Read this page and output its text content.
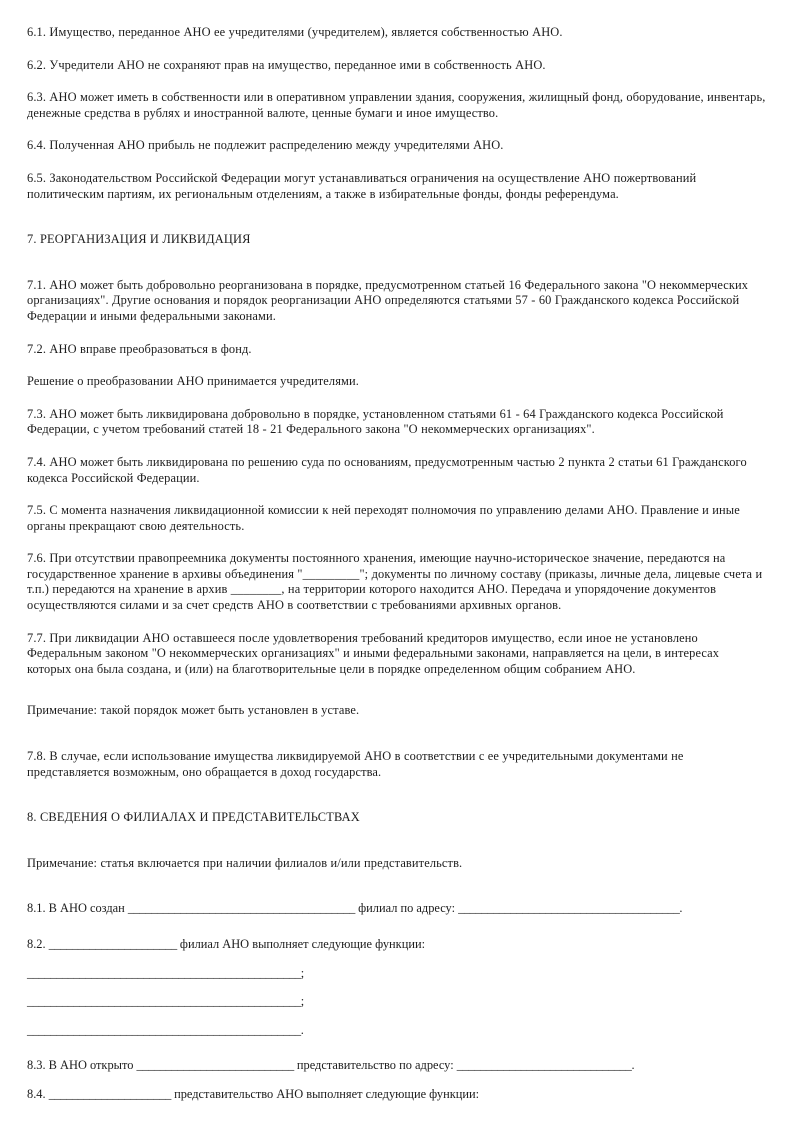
6.1. Имущество, переданное АНО ее учредителями (учредителем), является собственностью АНО.

6.2. Учредители АНО не сохраняют прав на имущество, переданное ими в собственность АНО.

6.3. АНО может иметь в собственности или в оперативном управлении здания, сооружения, жилищный фонд, оборудование, инвентарь, денежные средства в рублях и иностранной валюте, ценные бумаги и иное имущество.

6.4. Полученная АНО прибыль не подлежит распределению между учредителями АНО.

6.5. Законодательством Российской Федерации могут устанавливаться ограничения на осуществление АНО пожертвований политическим партиям, их региональным отделениям, а также в избирательные фонды, фонды референдума.

7. РЕОРГАНИЗАЦИЯ И ЛИКВИДАЦИЯ

7.1. АНО может быть добровольно реорганизована в порядке, предусмотренном статьей 16 Федерального закона "О некоммерческих организациях". Другие основания и порядок реорганизации АНО определяются статьями 57 - 60 Гражданского кодекса Российской Федерации и иными федеральными законами.

7.2. АНО вправе преобразоваться в фонд.

Решение о преобразовании АНО принимается учредителями.

7.3. АНО может быть ликвидирована добровольно в порядке, установленном статьями 61 - 64 Гражданского кодекса Российской Федерации, с учетом требований статей 18 - 21 Федерального закона "О некоммерческих организациях".

7.4. АНО может быть ликвидирована по решению суда по основаниям, предусмотренным частью 2 пункта 2 статьи 61 Гражданского кодекса Российской Федерации.

7.5. С момента назначения ликвидационной комиссии к ней переходят полномочия по управлению делами АНО. Правление и иные органы прекращают свою деятельность.

7.6. При отсутствии правопреемника документы постоянного хранения, имеющие научно-историческое значение, передаются на государственное хранение в архивы объединения "_________"; документы по личному составу (приказы, личные дела, лицевые счета и т.п.) передаются на хранение в архив ________, на территории которого находится АНО. Передача и упорядочение документов осуществляются силами и за счет средств АНО в соответствии с требованиями архивных органов.

7.7. При ликвидации АНО оставшееся после удовлетворения требований кредиторов имущество, если иное не установлено Федеральным законом "О некоммерческих организациях" и иными федеральными законами, направляется на цели, в интересах которых она была создана, и (или) на благотворительные цели в порядке определенном общим собранием АНО.

Примечание: такой порядок может быть установлен в уставе.

7.8. В случае, если использование имущества ликвидируемой АНО в соответствии с ее учредительными документами не представляется возможным, оно обращается в доход государства.

8. СВЕДЕНИЯ О ФИЛИАЛАХ И ПРЕДСТАВИТЕЛЬСТВАХ

Примечание: статья включается при наличии филиалов и/или представительств.

8.1. В АНО создан _______________________________________ филиал по адресу: ______________________________________.

8.2. ______________________ филиал АНО выполняет следующие функции:

_______________________________________________;

_______________________________________________;

_______________________________________________.

8.3. В АНО открыто ___________________________ представительство по адресу: ______________________________.

8.4. _____________________ представительство АНО выполняет следующие функции:
